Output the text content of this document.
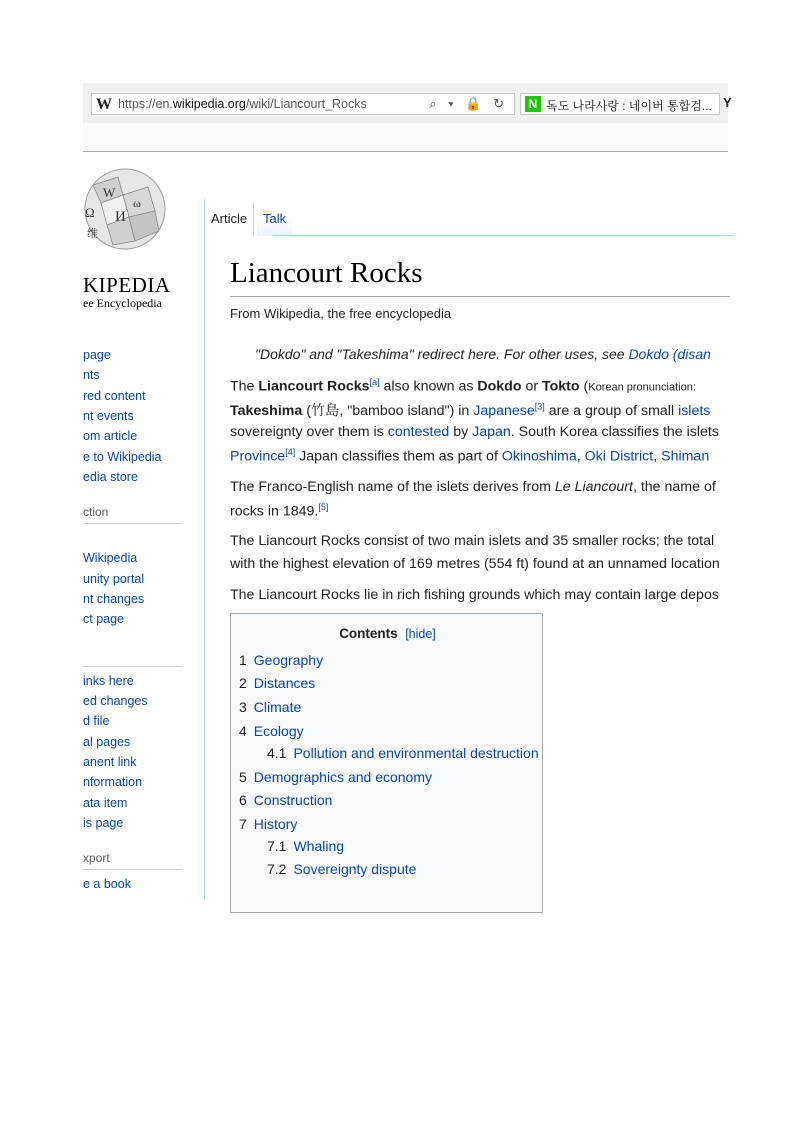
W https://en.wikipedia.org/wiki/Liancourt_Rocks	⌕ ▾ 🔒 ↻	N 독도 나라사랑 : 네이버 통합검... Y
W
Ω И
ω
维
KIPEDIA
ee Encyclopedia
page
nts
red content
nt events
om article
e to Wikipedia
edia store
ction
Wikipedia
unity portal
nt changes
ct page
inks here
ed changes
d file
al pages
anent link
nformation
ata item
is page
xport
e a book
Article	Talk
Liancourt Rocks
From Wikipedia, the free encyclopedia
"Dokdo" and "Takeshima" redirect here. For other uses, see Dokdo (disan
The Liancourt Rocks[a] also known as Dokdo or Tokto (Korean pronunciation:
Takeshima (竹島, "bamboo island") in Japanese[3] are a group of small islets
sovereignty over them is contested by Japan. South Korea classifies the islets
Province[4] Japan classifies them as part of Okinoshima, Oki District, Shiman
The Franco-English name of the islets derives from Le Liancourt, the name of
rocks in 1849.[5]
The Liancourt Rocks consist of two main islets and 35 smaller rocks; the total
with the highest elevation of 169 metres (554 ft) found at an unnamed location
The Liancourt Rocks lie in rich fishing grounds which may contain large depos
Contents [hide]
1 Geography
2 Distances
3 Climate
4 Ecology
4.1 Pollution and environmental destruction
5 Demographics and economy
6 Construction
7 History
7.1 Whaling
7.2 Sovereignty dispute
